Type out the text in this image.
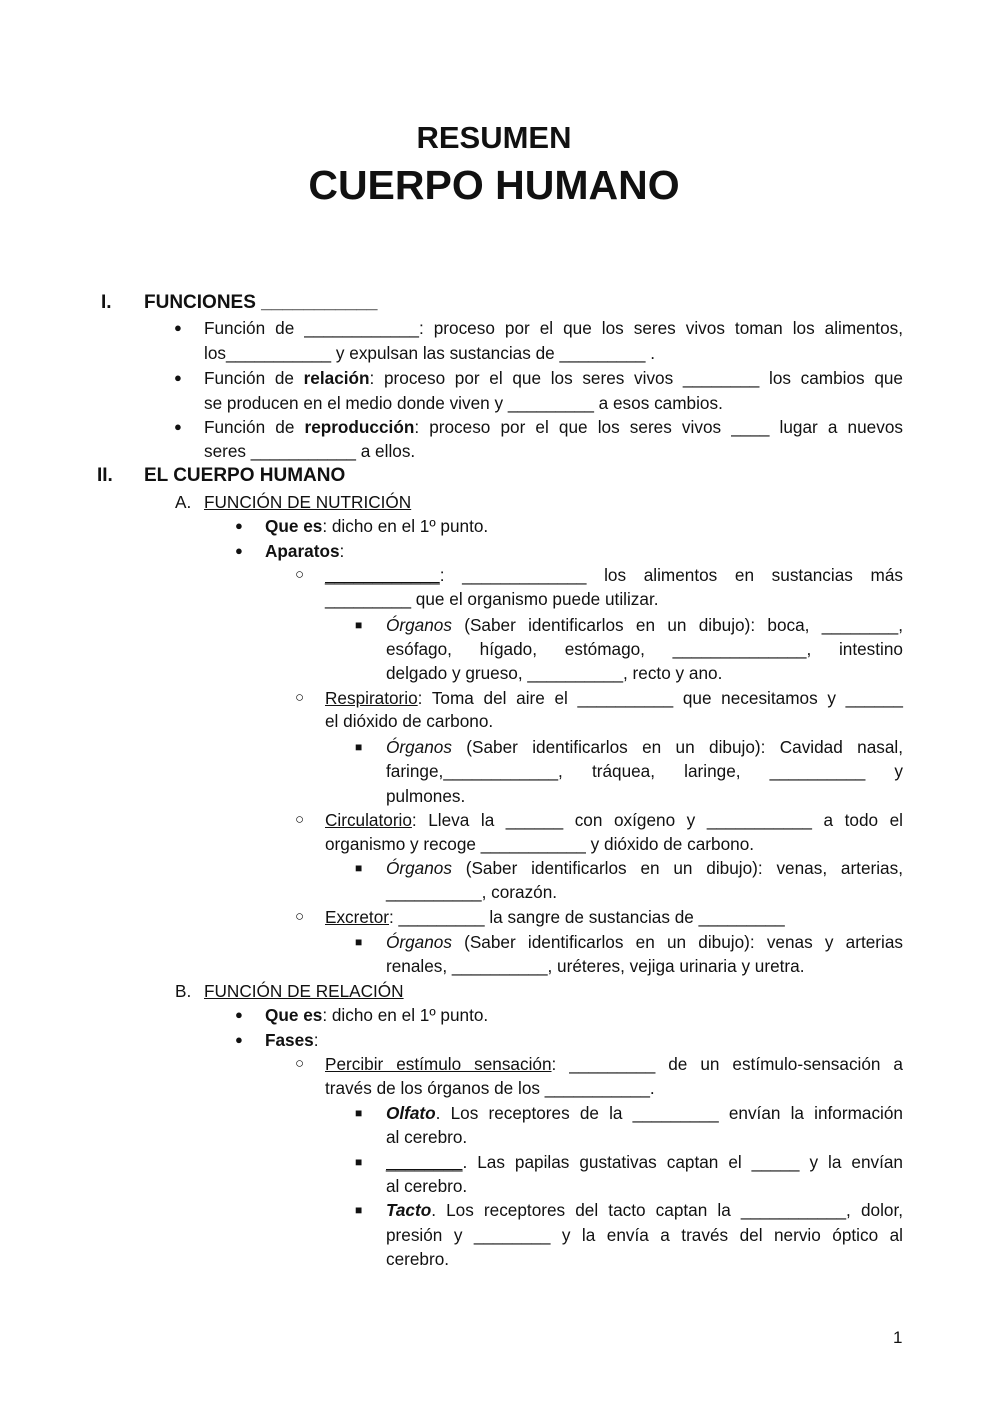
RESUMEN
CUERPO HUMANO
I. FUNCIONES ___________
● Función de ____________: proceso por el que los seres vivos toman los alimentos,
los___________ y expulsan las sustancias de _________ .
● Función de relación: proceso por el que los seres vivos ________ los cambios que
se producen en el medio donde viven y _________ a esos cambios.
● Función de reproducción: proceso por el que los seres vivos ____ lugar a nuevos
seres ___________ a ellos.
II. EL CUERPO HUMANO
A. FUNCIÓN DE NUTRICIÓN
● Que es: dicho en el 1º punto.
● Aparatos:
○ ____________: _____________ los alimentos en sustancias más
_________ que el organismo puede utilizar.
■ Órganos (Saber identificarlos en un dibujo): boca, ________,
esófago, hígado, estómago, ______________, intestino
delgado y grueso, __________, recto y ano.
○ Respiratorio: Toma del aire el __________ que necesitamos y ______
el dióxido de carbono.
■ Órganos (Saber identificarlos en un dibujo): Cavidad nasal,
faringe,____________, tráquea, laringe, __________ y
pulmones.
○ Circulatorio: Lleva la ______ con oxígeno y ___________ a todo el
organismo y recoge ___________ y dióxido de carbono.
■ Órganos (Saber identificarlos en un dibujo): venas, arterias,
__________, corazón.
○ Excretor: _________ la sangre de sustancias de _________
■ Órganos (Saber identificarlos en un dibujo): venas y arterias
renales, __________, uréteres, vejiga urinaria y uretra.
B. FUNCIÓN DE RELACIÓN
● Que es: dicho en el 1º punto.
● Fases:
○ Percibir estímulo sensación: _________ de un estímulo-sensación a
través de los órganos de los ___________.
■ Olfato. Los receptores de la _________ envían la información
al cerebro.
■ ________. Las papilas gustativas captan el _____ y la envían
al cerebro.
■ Tacto. Los receptores del tacto captan la ___________, dolor,
presión y ________ y la envía a través del nervio óptico al
cerebro.
1
